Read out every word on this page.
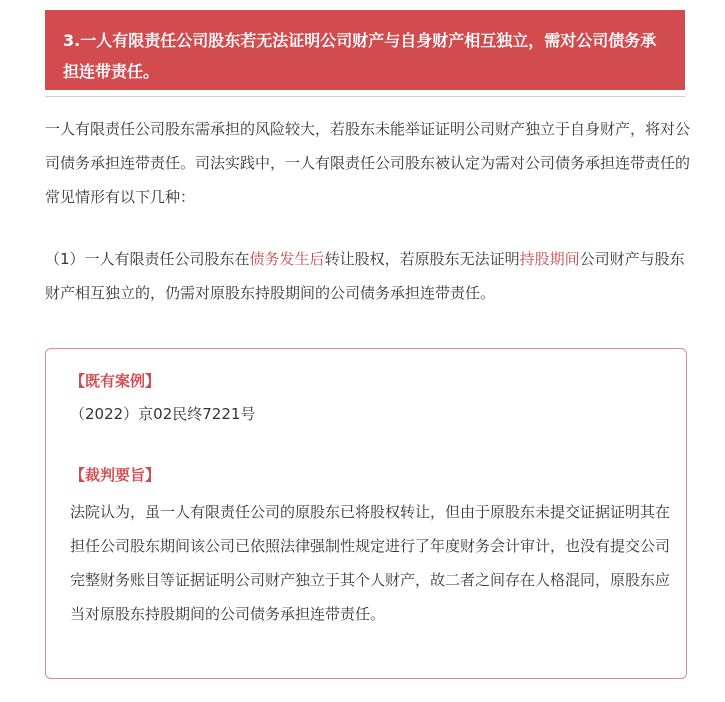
3.一人有限责任公司股东若无法证明公司财产与自身财产相互独立，需对公司债务承担连带责任。
一人有限责任公司股东需承担的风险较大，若股东未能举证证明公司财产独立于自身财产，将对公司债务承担连带责任。司法实践中，一人有限责任公司股东被认定为需对公司债务承担连带责任的常见情形有以下几种：
（1）一人有限责任公司股东在债务发生后转让股权，若原股东无法证明持股期间公司财产与股东财产相互独立的，仍需对原股东持股期间的公司债务承担连带责任。
【既有案例】
（2022）京02民终7221号
【裁判要旨】
法院认为，虽一人有限责任公司的原股东已将股权转让，但由于原股东未提交证据证明其在担任公司股东期间该公司已依照法律强制性规定进行了年度财务会计审计，也没有提交公司完整财务账目等证据证明公司财产独立于其个人财产，故二者之间存在人格混同，原股东应当对原股东持股期间的公司债务承担连带责任。
